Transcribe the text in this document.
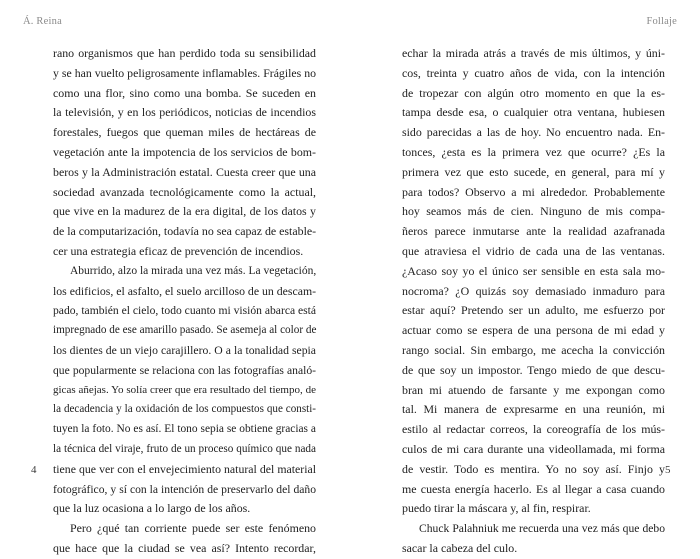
Á. Reina
rano organismos que han perdido toda su sensibilidad
y se han vuelto peligrosamente inflamables. Frágiles no
como una flor, sino como una bomba. Se suceden en
la televisión, y en los periódicos, noticias de incendios
forestales, fuegos que queman miles de hectáreas de
vegetación ante la impotencia de los servicios de bom-
beros y la Administración estatal. Cuesta creer que una
sociedad avanzada tecnológicamente como la actual,
que vive en la madurez de la era digital, de los datos y
de la computarización, todavía no sea capaz de estable-
cer una estrategia eficaz de prevención de incendios.
Aburrido, alzo la mirada una vez más. La vegetación,
los edificios, el asfalto, el suelo arcilloso de un descam-
pado, también el cielo, todo cuanto mi visión abarca está
impregnado de ese amarillo pasado. Se asemeja al color de
los dientes de un viejo carajillero. O a la tonalidad sepia
que popularmente se relaciona con las fotografías analó-
gicas añejas. Yo solía creer que era resultado del tiempo, de
la decadencia y la oxidación de los compuestos que consti-
tuyen la foto. No es así. El tono sepia se obtiene gracias a
la técnica del viraje, fruto de un proceso químico que nada
tiene que ver con el envejecimiento natural del material
fotográfico, y sí con la intención de preservarlo del daño
que la luz ocasiona a lo largo de los años.
Pero ¿qué tan corriente puede ser este fenómeno
que hace que la ciudad se vea así? Intento recordar,
4
Follaje
echar la mirada atrás a través de mis últimos, y úni-
cos, treinta y cuatro años de vida, con la intención
de tropezar con algún otro momento en que la es-
tampa desde esa, o cualquier otra ventana, hubiesen
sido parecidas a las de hoy. No encuentro nada. En-
tonces, ¿esta es la primera vez que ocurre? ¿Es la
primera vez que esto sucede, en general, para mí y
para todos? Observo a mi alrededor. Probablemente
hoy seamos más de cien. Ninguno de mis compa-
ñeros parece inmutarse ante la realidad azafranada
que atraviesa el vidrio de cada una de las ventanas.
¿Acaso soy yo el único ser sensible en esta sala mo-
nocroma? ¿O quizás soy demasiado inmaduro para
estar aquí? Pretendo ser un adulto, me esfuerzo por
actuar como se espera de una persona de mi edad y
rango social. Sin embargo, me acecha la convicción
de que soy un impostor. Tengo miedo de que descu-
bran mi atuendo de farsante y me expongan como
tal. Mi manera de expresarme en una reunión, mi
estilo al redactar correos, la coreografía de los mús-
culos de mi cara durante una videollamada, mi forma
de vestir. Todo es mentira. Yo no soy así. Finjo y
me cuesta energía hacerlo. Es al llegar a casa cuando
puedo tirar la máscara y, al fin, respirar.
Chuck Palahniuk me recuerda una vez más que debo
sacar la cabeza del culo.
5
